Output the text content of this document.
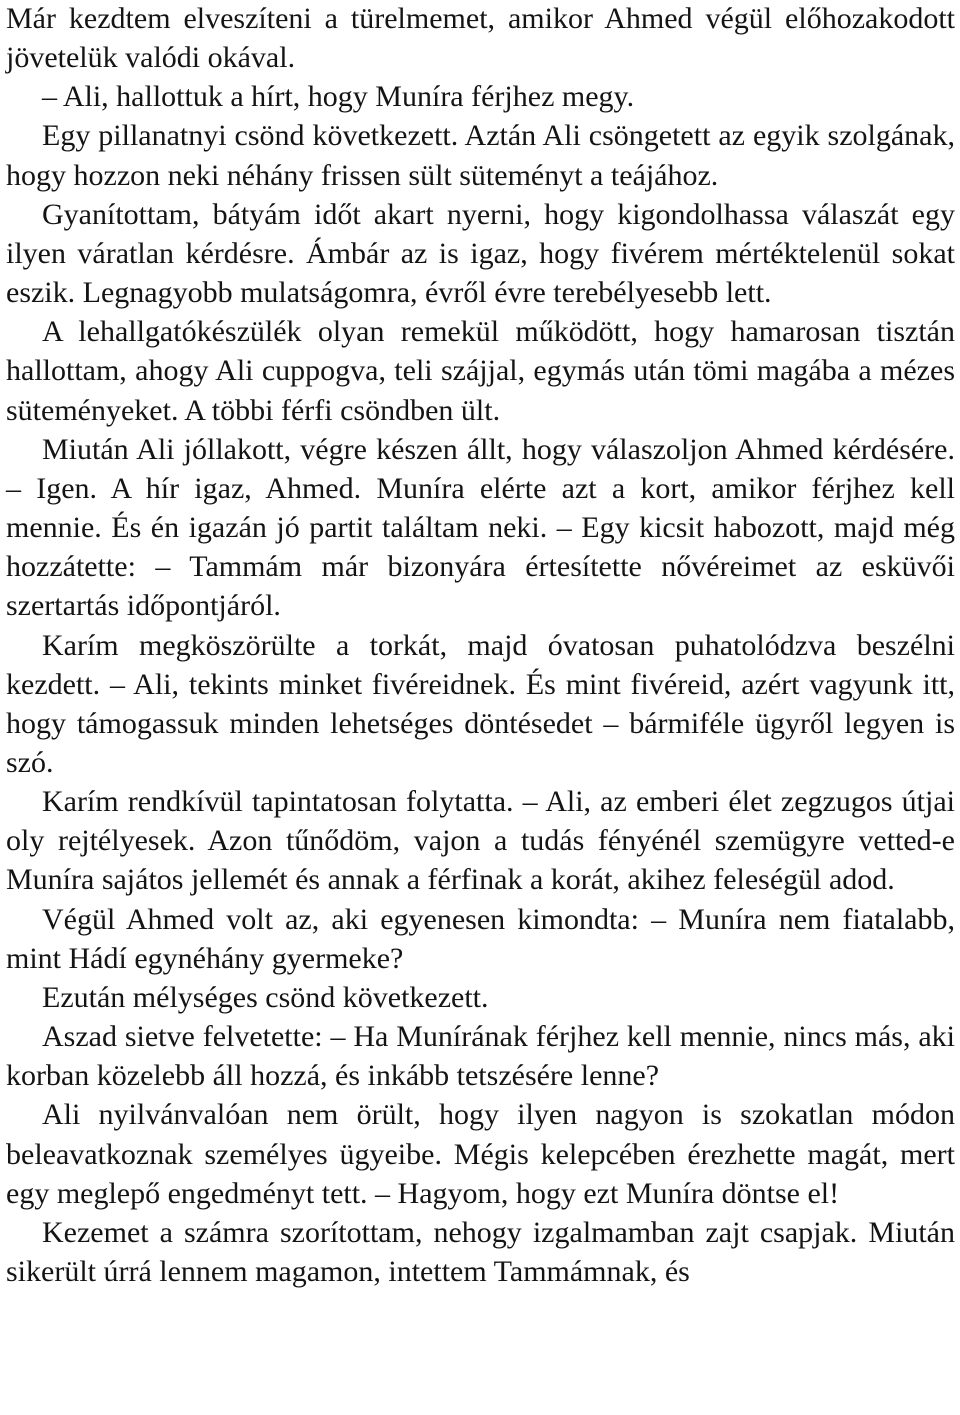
Már kezdtem elveszíteni a türelmemet, amikor Ahmed végül előhozakodott jövetelük valódi okával.

– Ali, hallottuk a hírt, hogy Muníra férjhez megy.

Egy pillanatnyi csönd következett. Aztán Ali csöngetett az egyik szolgának, hogy hozzon neki néhány frissen sült süteményt a teájához.

Gyanítottam, bátyám időt akart nyerni, hogy kigondolhassa válaszát egy ilyen váratlan kérdésre. Ámbár az is igaz, hogy fivérem mértéktelenül sokat eszik. Legnagyobb mulatságomra, évről évre terebélyesebb lett.

A lehallgatókészülék olyan remekül működött, hogy hamarosan tisztán hallottam, ahogy Ali cuppogva, teli szájjal, egymás után tömi magába a mézes süteményeket. A többi férfi csöndben ült.

Miután Ali jóllakott, végre készen állt, hogy válaszoljon Ahmed kérdésére. – Igen. A hír igaz, Ahmed. Muníra elérte azt a kort, amikor férjhez kell mennie. És én igazán jó partit találtam neki. – Egy kicsit habozott, majd még hozzátette: – Tammám már bizonyára értesítette nővéreimet az esküvői szertartás időpontjáról.

Karím megköszörülte a torkát, majd óvatosan puhatolódzva beszélni kezdett. – Ali, tekints minket fivéreidnek. És mint fivéreid, azért vagyunk itt, hogy támogassuk minden lehetséges döntésedet – bármiféle ügyről legyen is szó.

Karím rendkívül tapintatosan folytatta. – Ali, az emberi élet zegzugos útjai oly rejtélyesek. Azon tűnődöm, vajon a tudás fényénél szemügyre vetted-e Muníra sajátos jellemét és annak a férfinak a korát, akihez feleségül adod.

Végül Ahmed volt az, aki egyenesen kimondta: – Muníra nem fiatalabb, mint Hádí egynéhány gyermeke?

Ezután mélységes csönd következett.

Aszad sietve felvetette: – Ha Munírának férjhez kell mennie, nincs más, aki korban közelebb áll hozzá, és inkább tetszésére lenne?

Ali nyilvánvalóan nem örült, hogy ilyen nagyon is szokatlan módon beleavatkoznak személyes ügyeibe. Mégis kelepcében érezhette magát, mert egy meglepő engedményt tett. – Hagyom, hogy ezt Muníra döntse el!

Kezemet a számra szorítottam, nehogy izgalmamban zajt csapjak. Miután sikerült úrrá lennem magamon, intettem Tammámnak, és
